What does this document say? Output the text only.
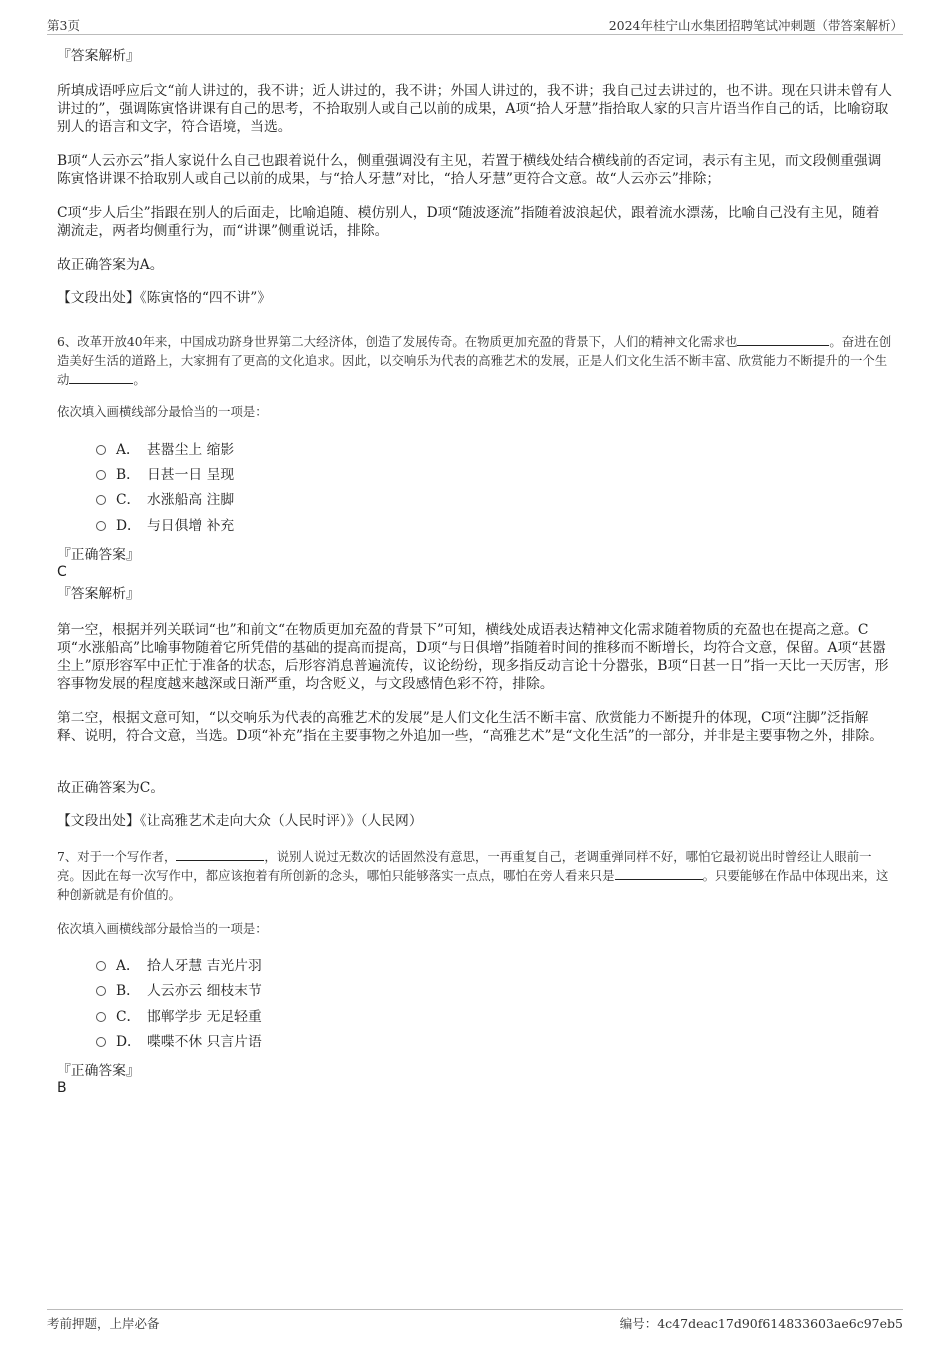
第3页	2024年桂宁山水集团招聘笔试冲刺题（带答案解析）
『答案解析』
所填成语呼应后文“前人讲过的，我不讲；近人讲过的，我不讲；外国人讲过的，我不讲；我自己过去讲过的，也不讲。现在只讲未曾有人讲过的”，强调陈寅恪讲课有自己的思考，不拾取别人或自己以前的成果，A项“拾人牙慧”指拾取人家的只言片语当作自己的话，比喻窃取别人的语言和文字，符合语境，当选。
B项“人云亦云”指人家说什么自己也跟着说什么，侧重强调没有主见，若置于横线处结合横线前的否定词，表示有主见，而文段侧重强调陈寅恪讲课不拾取别人或自己以前的成果，与“拾人牙慧”对比，“拾人牙慧”更符合文意。故“人云亦云”排除；
C项“步人后尘”指跟在别人的后面走，比喻追随、模仿别人，D项“随波逐流”指随着波浪起伏，跟着流水漂荡，比喻自己没有主见，随着潮流走，两者均侧重行为，而“讲课”侧重说话，排除。
故正确答案为A。
【文段出处】《陈寅恪的“四不讲”》
6、改革开放40年来，中国成功跻身世界第二大经济体，创造了发展传奇。在物质更加充盈的背景下，人们的精神文化需求也	。奋进在创造美好生活的道路上，大家拥有了更高的文化追求。因此，以交响乐为代表的高雅艺术的发展，正是人们文化生活不断丰富、欣赏能力不断提升的一个生动	。
依次填入画横线部分最恰当的一项是：
A． 甚嚣尘上 缩影
B． 日甚一日 呈现
C． 水涨船高 注脚
D． 与日俱增 补充
『正确答案』
C
『答案解析』
第一空，根据并列关联词“也”和前文“在物质更加充盈的背景下”可知，横线处成语表达精神文化需求随着物质的充盈也在提高之意。C项“水涨船高”比喻事物随着它所凭借的基础的提高而提高，D项“与日俱增”指随着时间的推移而不断增长，均符合文意，保留。A项“甚嚣尘上”原形容军中正忙于准备的状态，后形容消息普遍流传，议论纷纷，现多指反动言论十分嚣张，B项“日甚一日”指一天比一天厉害，形容事物发展的程度越来越深或日渐严重，均含贬义，与文段感情色彩不符，排除。
第二空，根据文意可知，“以交响乐为代表的高雅艺术的发展”是人们文化生活不断丰富、欣赏能力不断提升的体现，C项“注脚”泛指解释、说明，符合文意，当选。D项“补充”指在主要事物之外追加一些，“高雅艺术”是“文化生活”的一部分，并非是主要事物之外，排除。
故正确答案为C。
【文段出处】《让高雅艺术走向大众（人民时评）》（人民网）
7、对于一个写作者，	，说别人说过无数次的话固然没有意思，一再重复自己，老调重弹同样不好，哪怕它最初说出时曾经让人眼前一亮。因此在每一次写作中，都应该抱着有所创新的念头，哪怕只能够落实一点点，哪怕在旁人看来只是	。只要能够在作品中体现出来，这种创新就是有价值的。
依次填入画横线部分最恰当的一项是：
A． 拾人牙慧 吉光片羽
B． 人云亦云 细枝末节
C． 邯郸学步 无足轻重
D． 喋喋不休 只言片语
『正确答案』
B
考前押题，上岸必备	编号：4c47deac17d90f614833603ae6c97eb5
